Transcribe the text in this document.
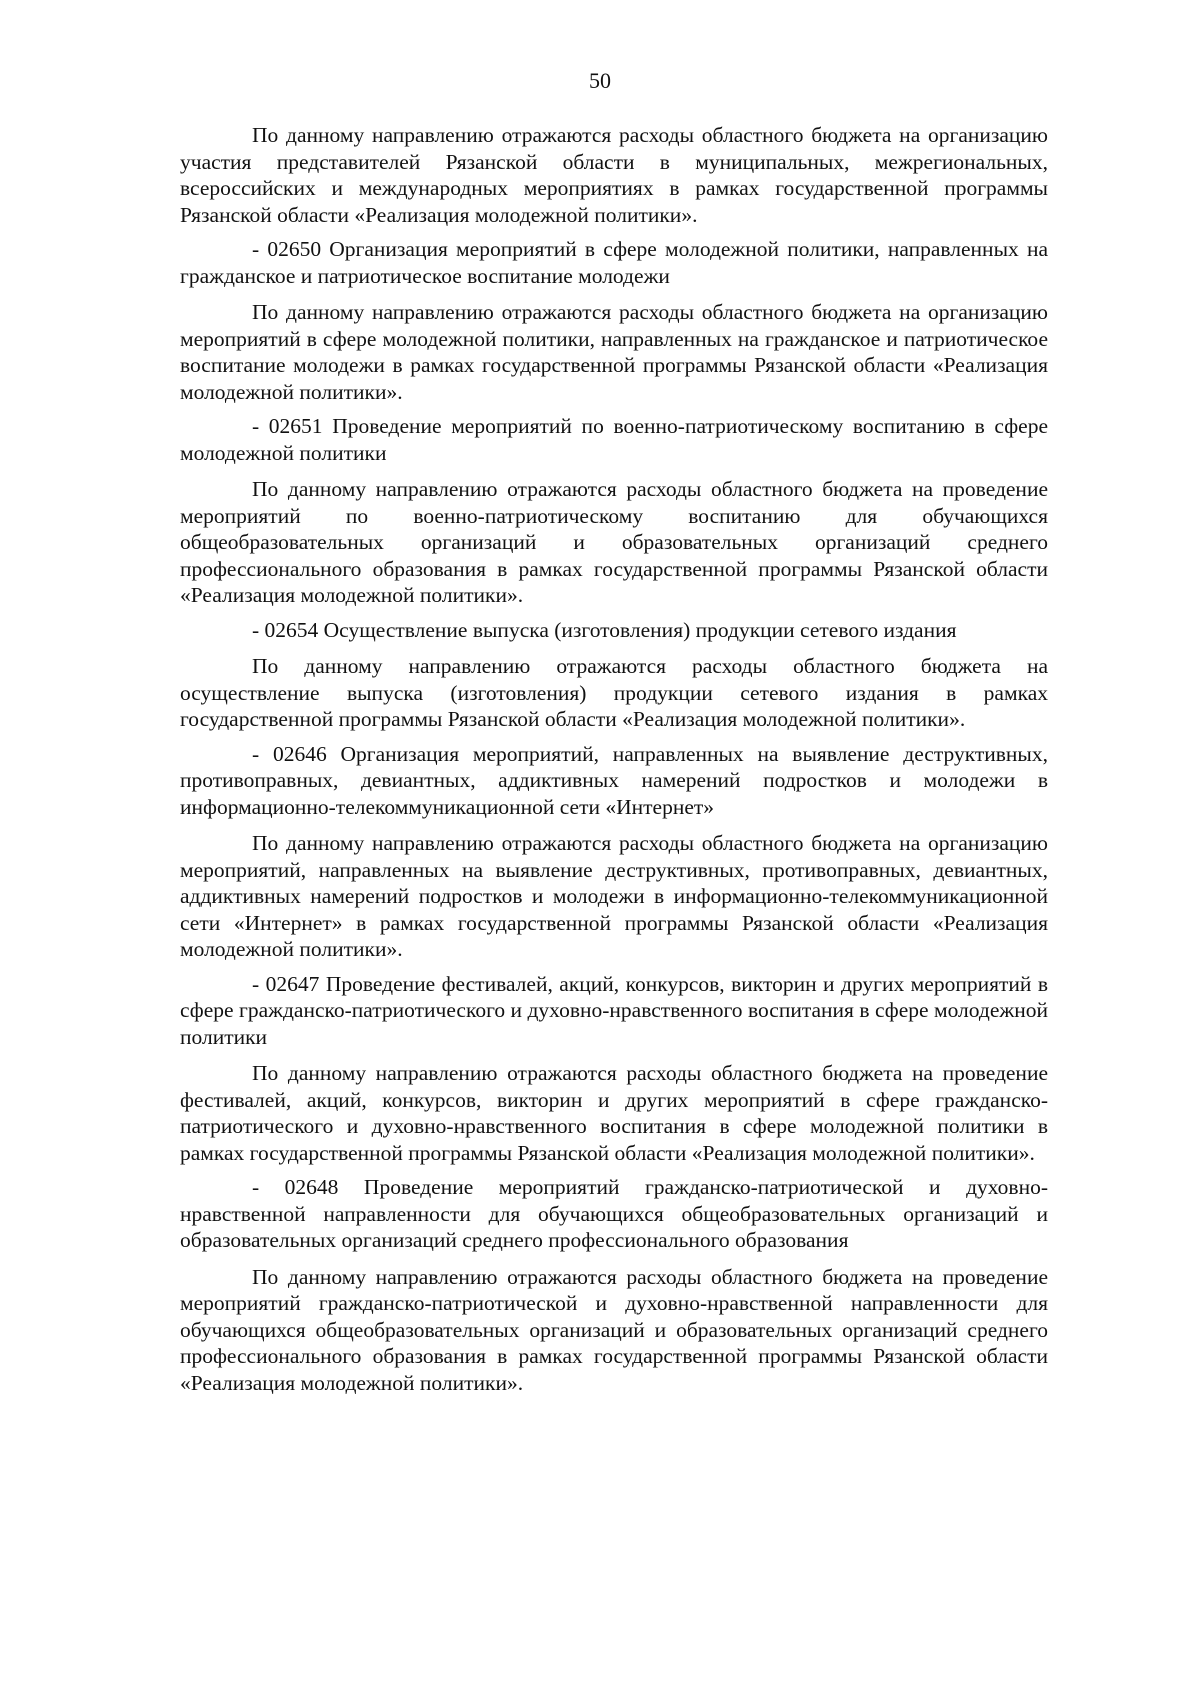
50

По данному направлению отражаются расходы областного бюджета на организацию участия представителей Рязанской области в муниципальных, межрегиональных, всероссийских и международных мероприятиях в рамках государственной программы Рязанской области «Реализация молодежной политики».

- 02650 Организация мероприятий в сфере молодежной политики, направленных на гражданское и патриотическое воспитание молодежи

По данному направлению отражаются расходы областного бюджета на организацию мероприятий в сфере молодежной политики, направленных на гражданское и патриотическое воспитание молодежи в рамках государственной программы Рязанской области «Реализация молодежной политики».

- 02651 Проведение мероприятий по военно-патриотическому воспитанию в сфере молодежной политики

По данному направлению отражаются расходы областного бюджета на проведение мероприятий по военно-патриотическому воспитанию для обучающихся общеобразовательных организаций и образовательных организаций среднего профессионального образования в рамках государственной программы Рязанской области «Реализация молодежной политики».

- 02654 Осуществление выпуска (изготовления) продукции сетевого издания

По данному направлению отражаются расходы областного бюджета на осуществление выпуска (изготовления) продукции сетевого издания в рамках государственной программы Рязанской области «Реализация молодежной политики».

- 02646 Организация мероприятий, направленных на выявление деструктивных, противоправных, девиантных, аддиктивных намерений подростков и молодежи в информационно-телекоммуникационной сети «Интернет»

По данному направлению отражаются расходы областного бюджета на организацию мероприятий, направленных на выявление деструктивных, противоправных, девиантных, аддиктивных намерений подростков и молодежи в информационно-телекоммуникационной сети «Интернет» в рамках государственной программы Рязанской области «Реализация молодежной политики».

- 02647 Проведение фестивалей, акций, конкурсов, викторин и других мероприятий в сфере гражданско-патриотического и духовно-нравственного воспитания в сфере молодежной политики

По данному направлению отражаются расходы областного бюджета на проведение фестивалей, акций, конкурсов, викторин и других мероприятий в сфере гражданско-патриотического и духовно-нравственного воспитания в сфере молодежной политики в рамках государственной программы Рязанской области «Реализация молодежной политики».

- 02648 Проведение мероприятий гражданско-патриотической и духовно-нравственной направленности для обучающихся общеобразовательных организаций и образовательных организаций среднего профессионального образования

По данному направлению отражаются расходы областного бюджета на проведение мероприятий гражданско-патриотической и духовно-нравственной направленности для обучающихся общеобразовательных организаций и образовательных организаций среднего профессионального образования в рамках государственной программы Рязанской области «Реализация молодежной политики».
